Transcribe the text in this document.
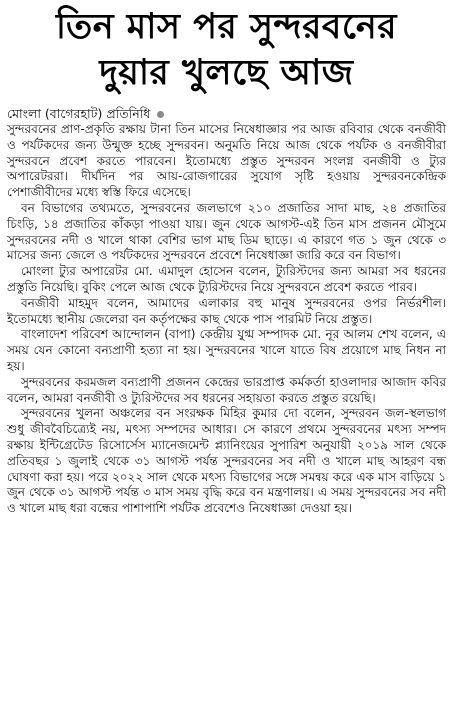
তিন মাস পর সুন্দরবনের
দুয়ার খুলছে আজ
মোংলা (বাগেরহাট) প্রতিনিধি

সুন্দরবনের প্রাণ-প্রকৃতি রক্ষায় টানা তিন মাসের নিষেধাজ্ঞার পর আজ রবিবার থেকে বনজীবী ও পর্যটকদের জন্য উন্মুক্ত হচ্ছে সুন্দরবন। অনুমতি নিয়ে আজ থেকে পর্যটক ও বনজীবীরা সুন্দরবনে প্রবেশ করতে পারবেন। ইতোমধ্যে প্রস্তুত সুন্দরবন সংলগ্ন বনজীবী ও ট্যুর অপারেটররা। দীর্ঘদিন পর আয়-রোজগারের সুযোগ সৃষ্টি হওয়ায় সুন্দরবনকেন্দ্রিক পেশাজীবীদের মধ্যে স্বস্তি ফিরে এসেছে।

বন বিভাগের তথ্যমতে, সুন্দরবনের জলভাগে ২১০ প্রজাতির সাদা মাছ, ২৪ প্রজাতির চিংড়ি, ১৪ প্রজাতির কাঁকড়া পাওয়া যায়। জুন থেকে আগস্ট-এই তিন মাস প্রজনন মৌসুমে সুন্দরবনের নদী ও খালে থাকা বেশির ভাগ মাছ ডিম ছাড়ে। এ কারণে গত ১ জুন থেকে ৩ মাসের জন্য জেলে ও পর্যটকদের সুন্দরবনে প্রবেশে নিষেধাজ্ঞা জারি করে বন বিভাগ।

মোংলা ট্যুর অপারেটর মো. এমাদুল হোসেন বলেন, ট্যুরিস্টদের জন্য আমরা সব ধরনের প্রস্তুতি নিয়েছি। বুকিং পেলে আজ থেকে ট্যুরিস্টদের নিয়ে সুন্দরবনে প্রবেশ করতে পারব।

বনজীবী মাহমুদ বলেন, আমাদের এলাকার বহু মানুষ সুন্দরবনের ওপর নির্ভরশীল। ইতোমধ্যে স্থানীয় জেলেরা বন কর্তৃপক্ষের কাছ থেকে পাস পারমিট নিয়ে প্রস্তুত।

বাংলাদেশ পরিবেশ আন্দোলন (বাপা) কেন্দ্রীয় যুগ্ম সম্পাদক মো. নূর আলম শেখ বলেন, এ সময় যেন কোনো বন্যপ্রাণী হত্যা না হয়। সুন্দরবনের খালে যাতে বিষ প্রয়োগে মাছ নিধন না হয়।

সুন্দরবনের করমজল বন্যপ্রাণী প্রজনন কেন্দ্রের ভারপ্রাপ্ত কর্মকর্তা হাওলাদার আজাদ কবির বলেন, আমরা বনজীবী ও ট্যুরিস্টদের সব ধরনের সহায়তা করতে প্রস্তুত রয়েছি।

সুন্দরবনের খুলনা অঞ্চলের বন সংরক্ষক মিহির কুমার দো বলেন, সুন্দরবন জল-স্থলভাগ শুধু জীববৈচিত্র্যেই নয়, মৎস্য সম্পদের আধার। সে কারণে প্রথমে সুন্দরবনের মৎস্য সম্পদ রক্ষায় ইন্টিগ্রেটেড রিসোর্সেস ম্যানেজমেন্ট প্ল্যানিংয়ের সুপারিশ অনুযায়ী ২০১৯ সাল থেকে প্রতিবছর ১ জুলাই থেকে ৩১ আগস্ট পর্যন্ত সুন্দরবনের সব নদী ও খালে মাছ আহরণ বন্ধ ঘোষণা করা হয়। পরে ২০২২ সাল থেকে মৎস্য বিভাগের সঙ্গে সমন্বয় করে এক মাস বাড়িয়ে ১ জুন থেকে ৩১ আগস্ট পর্যন্ত ৩ মাস সময় বৃদ্ধি করে বন মন্ত্রণালয়। এ সময় সুন্দরবনের সব নদী ও খালে মাছ ধরা বন্ধের পাশাপাশি পর্যটক প্রবেশেও নিষেধাজ্ঞা দেওয়া হয়।
